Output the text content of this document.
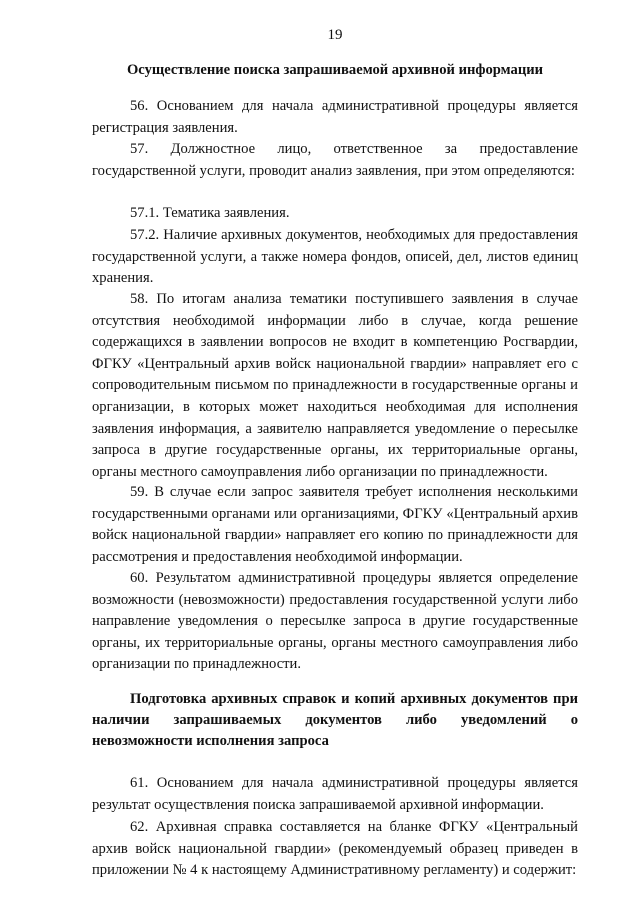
19
Осуществление поиска запрашиваемой архивной информации

56. Основанием для начала административной процедуры является регистрация заявления.

57. Должностное лицо, ответственное за предоставление государственной услуги, проводит анализ заявления, при этом определяются:

57.1. Тематика заявления.

57.2. Наличие архивных документов, необходимых для предоставления государственной услуги, а также номера фондов, описей, дел, листов единиц хранения.

58. По итогам анализа тематики поступившего заявления в случае отсутствия необходимой информации либо в случае, когда решение содержащихся в заявлении вопросов не входит в компетенцию Росгвардии, ФГКУ «Центральный архив войск национальной гвардии» направляет его с сопроводительным письмом по принадлежности в государственные органы и организации, в которых может находиться необходимая для исполнения заявления информация, а заявителю направляется уведомление о пересылке запроса в другие государственные органы, их территориальные органы, органы местного самоуправления либо организации по принадлежности.

59. В случае если запрос заявителя требует исполнения несколькими государственными органами или организациями, ФГКУ «Центральный архив войск национальной гвардии» направляет его копию по принадлежности для рассмотрения и предоставления необходимой информации.

60. Результатом административной процедуры является определение возможности (невозможности) предоставления государственной услуги либо направление уведомления о пересылке запроса в другие государственные органы, их территориальные органы, органы местного самоуправления либо организации по принадлежности.

Подготовка архивных справок и копий архивных документов при наличии запрашиваемых документов либо уведомлений о невозможности исполнения запроса

61. Основанием для начала административной процедуры является результат осуществления поиска запрашиваемой архивной информации.

62. Архивная справка составляется на бланке ФГКУ «Центральный архив войск национальной гвардии» (рекомендуемый образец приведен в приложении № 4 к настоящему Административному регламенту) и содержит:
